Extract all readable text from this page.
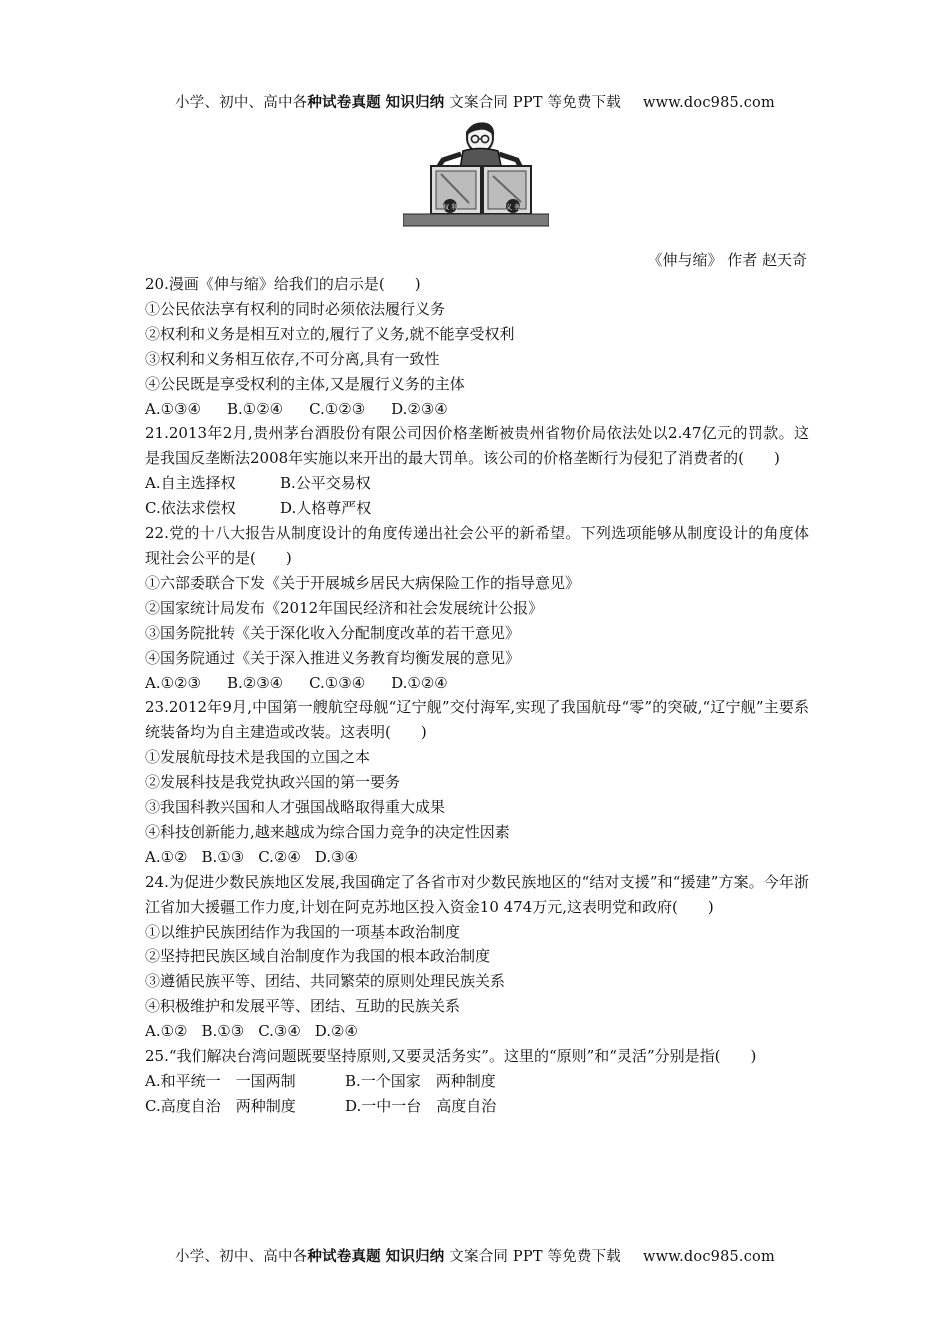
小学、初中、高中各种试卷真题 知识归纳 文案合同 PPT 等免费下载 www.doc985.com
权 利	义 务
《伸与缩》 作者 赵天奇
20.漫画《伸与缩》给我们的启示是(　　)
①公民依法享有权利的同时必须依法履行义务
②权利和义务是相互对立的,履行了义务,就不能享受权利
③权利和义务相互依存,不可分离,具有一致性
④公民既是享受权利的主体,又是履行义务的主体
A.①③④ B.①②④ C.①②③ D.②③④
21.2013年2月,贵州茅台酒股份有限公司因价格垄断被贵州省物价局依法处以2.47亿元的罚款。这是我国反垄断法2008年实施以来开出的最大罚单。该公司的价格垄断行为侵犯了消费者的(　　)
A.自主选择权	B.公平交易权
C.依法求偿权	D.人格尊严权
22.党的十八大报告从制度设计的角度传递出社会公平的新希望。下列选项能够从制度设计的角度体现社会公平的是(　　)
①六部委联合下发《关于开展城乡居民大病保险工作的指导意见》
②国家统计局发布《2012年国民经济和社会发展统计公报》
③国务院批转《关于深化收入分配制度改革的若干意见》
④国务院通过《关于深入推进义务教育均衡发展的意见》
A.①②③ B.②③④ C.①③④ D.①②④
23.2012年9月,中国第一艘航空母舰“辽宁舰”交付海军,实现了我国航母“零”的突破,“辽宁舰”主要系统装备均为自主建造或改装。这表明(　　)
①发展航母技术是我国的立国之本
②发展科技是我党执政兴国的第一要务
③我国科教兴国和人才强国战略取得重大成果
④科技创新能力,越来越成为综合国力竞争的决定性因素
A.①② B.①③ C.②④ D.③④
24.为促进少数民族地区发展,我国确定了各省市对少数民族地区的“结对支援”和“援建”方案。今年浙江省加大援疆工作力度,计划在阿克苏地区投入资金10 474万元,这表明党和政府(　　)
①以维护民族团结作为我国的一项基本政治制度
②坚持把民族区域自治制度作为我国的根本政治制度
③遵循民族平等、团结、共同繁荣的原则处理民族关系
④积极维护和发展平等、团结、互助的民族关系
A.①② B.①③ C.③④ D.②④
25.“我们解决台湾问题既要坚持原则,又要灵活务实”。这里的“原则”和“灵活”分别是指(　　)
A.和平统一　一国两制	B.一个国家　两种制度
C.高度自治　两种制度	D.一中一台　高度自治
小学、初中、高中各种试卷真题 知识归纳 文案合同 PPT 等免费下载 www.doc985.com
